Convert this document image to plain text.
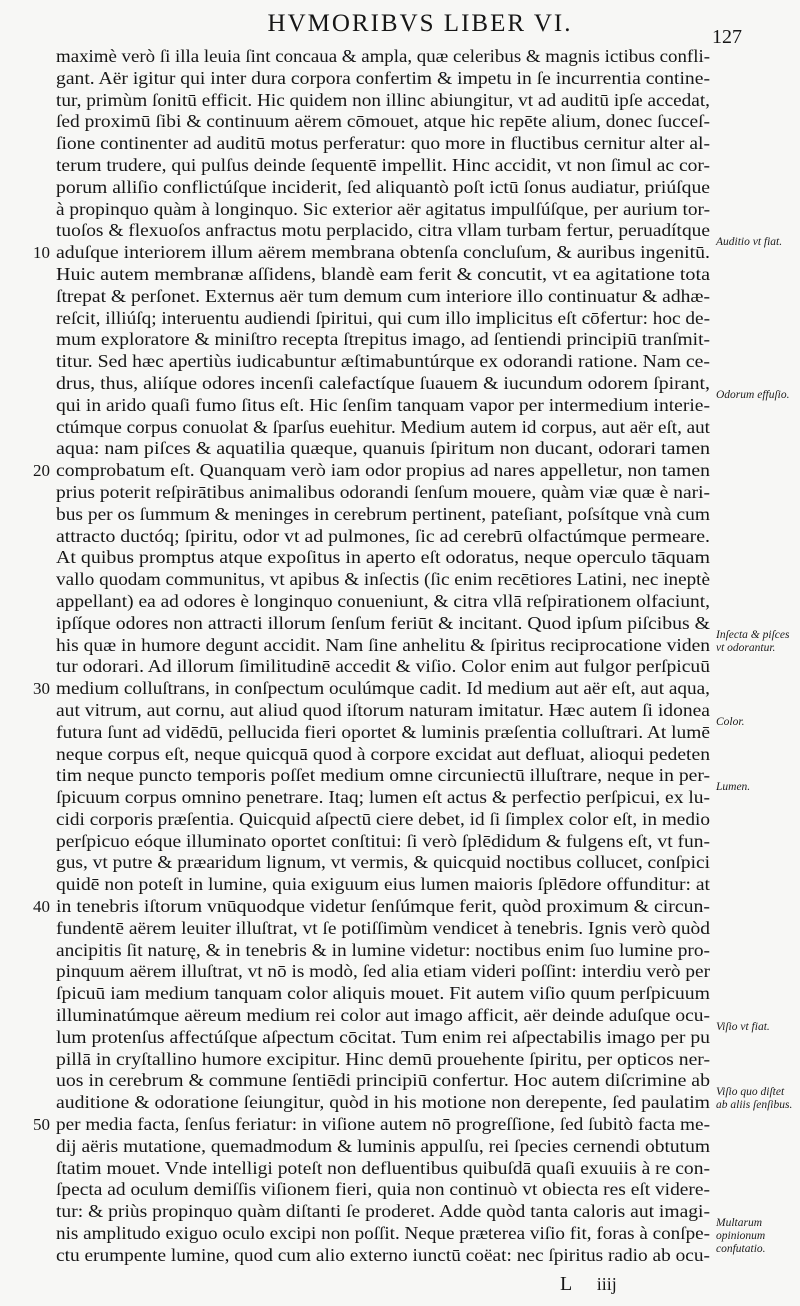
HVMORIBVS LIBER VI.	127
maximè verò ſi illa leuia ſint concaua & ampla, quæ celeribus & magnis ictibus confli-
gant. Aër igitur qui inter dura corpora confertim & impetu in ſe incurrentia contine-
tur, primùm ſonitū efficit. Hic quidem non illinc abiungitur, vt ad auditū ipſe accedat,
ſed proximū ſibi & continuum aërem cōmouet, atque hic repēte alium, donec ſucceſ-
ſione continenter ad auditū motus perferatur: quo more in fluctibus cernitur alter al-
terum trudere, qui pulſus deinde ſequentē impellit. Hinc accidit, vt non ſimul ac cor-
porum alliſio conflictúſque inciderit, ſed aliquantò poſt ictū ſonus audiatur, priúſque
à propinquo quàm à longinquo. Sic exterior aër agitatus impulſúſque, per aurium tor-
tuoſos & flexuoſos anfractus motu perplacido, citra vllam turbam fertur, peruadítque
10 aduſque interiorem illum aërem membrana obtenſa concluſum, & auribus ingenitū.
Huic autem membranæ aſſidens, blandè eam ferit & concutit, vt ea agitatione tota
ſtrepat & perſonet. Externus aër tum demum cum interiore illo continuatur & adhæ-
reſcit, illiúſq; interuentu audiendi ſpiritui, qui cum illo implicitus eſt cōfertur: hoc de-
mum exploratore & miniſtro recepta ſtrepitus imago, ad ſentiendi principiū tranſmit-
titur. Sed hæc apertiùs iudicabuntur æſtimabuntúrque ex odorandi ratione. Nam ce-
drus, thus, aliíque odores incenſi calefactíque ſuauem & iucundum odorem ſpirant,
qui in arido quaſi fumo ſitus eſt. Hic ſenſim tanquam vapor per intermedium interie-
ctúmque corpus conuolat & ſparſus euehitur. Medium autem id corpus, aut aër eſt, aut
aqua: nam piſces & aquatilia quæque, quanuis ſpiritum non ducant, odorari tamen
20 comprobatum eſt. Quanquam verò iam odor propius ad nares appelletur, non tamen
prius poterit reſpirātibus animalibus odorandi ſenſum mouere, quàm viæ quæ è nari-
bus per os ſummum & meninges in cerebrum pertinent, pateſiant, poſsítque vnà cum
attracto ductóq; ſpiritu, odor vt ad pulmones, ſic ad cerebrū olfactúmque permeare.
At quibus promptus atque expoſitus in aperto eſt odoratus, neque operculo tāquam
vallo quodam communitus, vt apibus & inſectis (ſic enim recētiores Latini, nec ineptè
appellant) ea ad odores è longinquo conueniunt, & citra vllā reſpirationem olfaciunt,
ipſíque odores non attracti illorum ſenſum feriūt & incitant. Quod ipſum piſcibus &
his quæ in humore degunt accidit. Nam ſine anhelitu & ſpiritus reciprocatione viden
tur odorari. Ad illorum ſimilitudinē accedit & viſio. Color enim aut fulgor perſpicuū
30 medium colluſtrans, in conſpectum oculúmque cadit. Id medium aut aër eſt, aut aqua,
aut vitrum, aut cornu, aut aliud quod iſtorum naturam imitatur. Hæc autem ſi idonea
futura ſunt ad vidēdū, pellucida fieri oportet & luminis præſentia colluſtrari. At lumē
neque corpus eſt, neque quicquā quod à corpore excidat aut defluat, alioqui pedeten
tim neque puncto temporis poſſet medium omne circuniectū illuſtrare, neque in per-
ſpicuum corpus omnino penetrare. Itaq; lumen eſt actus & perfectio perſpicui, ex lu-
cidi corporis præſentia. Quicquid aſpectū ciere debet, id ſi ſimplex color eſt, in medio
perſpicuo eóque illuminato oportet conſtitui: ſi verò ſplēdidum & fulgens eſt, vt fun-
gus, vt putre & præaridum lignum, vt vermis, & quicquid noctibus collucet, conſpici
quidē non poteſt in lumine, quia exiguum eius lumen maioris ſplēdore offunditur: at
40 in tenebris iſtorum vnūquodque videtur ſenſúmque ferit, quòd proximum & circun-
fundentē aërem leuiter illuſtrat, vt ſe potiſſimùm vendicet à tenebris. Ignis verò quòd
ancipitis ſit naturę, & in tenebris & in lumine videtur: noctibus enim ſuo lumine pro-
pinquum aërem illuſtrat, vt nō is modò, ſed alia etiam videri poſſint: interdiu verò per
ſpicuū iam medium tanquam color aliquis mouet. Fit autem viſio quum perſpicuum
illuminatúmque aëreum medium rei color aut imago afficit, aër deinde aduſque ocu-
lum protenſus affectúſque aſpectum cōcitat. Tum enim rei aſpectabilis imago per pu
pillā in cryſtallino humore excipitur. Hinc demū prouehente ſpiritu, per opticos ner-
uos in cerebrum & commune ſentiēdi principiū confertur. Hoc autem diſcrimine ab
auditione & odoratione ſeiungitur, quòd in his motione non derepente, ſed paulatim
50 per media facta, ſenſus feriatur: in viſione autem nō progreſſione, ſed ſubitò facta me-
dij aëris mutatione, quemadmodum & luminis appulſu, rei ſpecies cernendi obtutum
ſtatim mouet. Vnde intelligi poteſt non defluentibus quibuſdā quaſi exuuiis à re con-
ſpecta ad oculum demiſſis viſionem fieri, quia non continuò vt obiecta res eſt videre-
tur: & priùs propinquo quàm diſtanti ſe proderet. Adde quòd tanta caloris aut imagi-
nis amplitudo exiguo oculo excipi non poſſit. Neque præterea viſio fit, foras à conſpe-
ctu erumpente lumine, quod cum alio externo iunctū coëat: nec ſpiritus radio ab ocu-
Auditio vt fiat.
Odorum effuſio.
Inſecta & piſces vt odorantur.
Color.
Lumen.
Viſio vt fiat.
Viſio quo diſtet ab aliis ſenſibus.
Multarum opinionum confutatio.
L iiij
